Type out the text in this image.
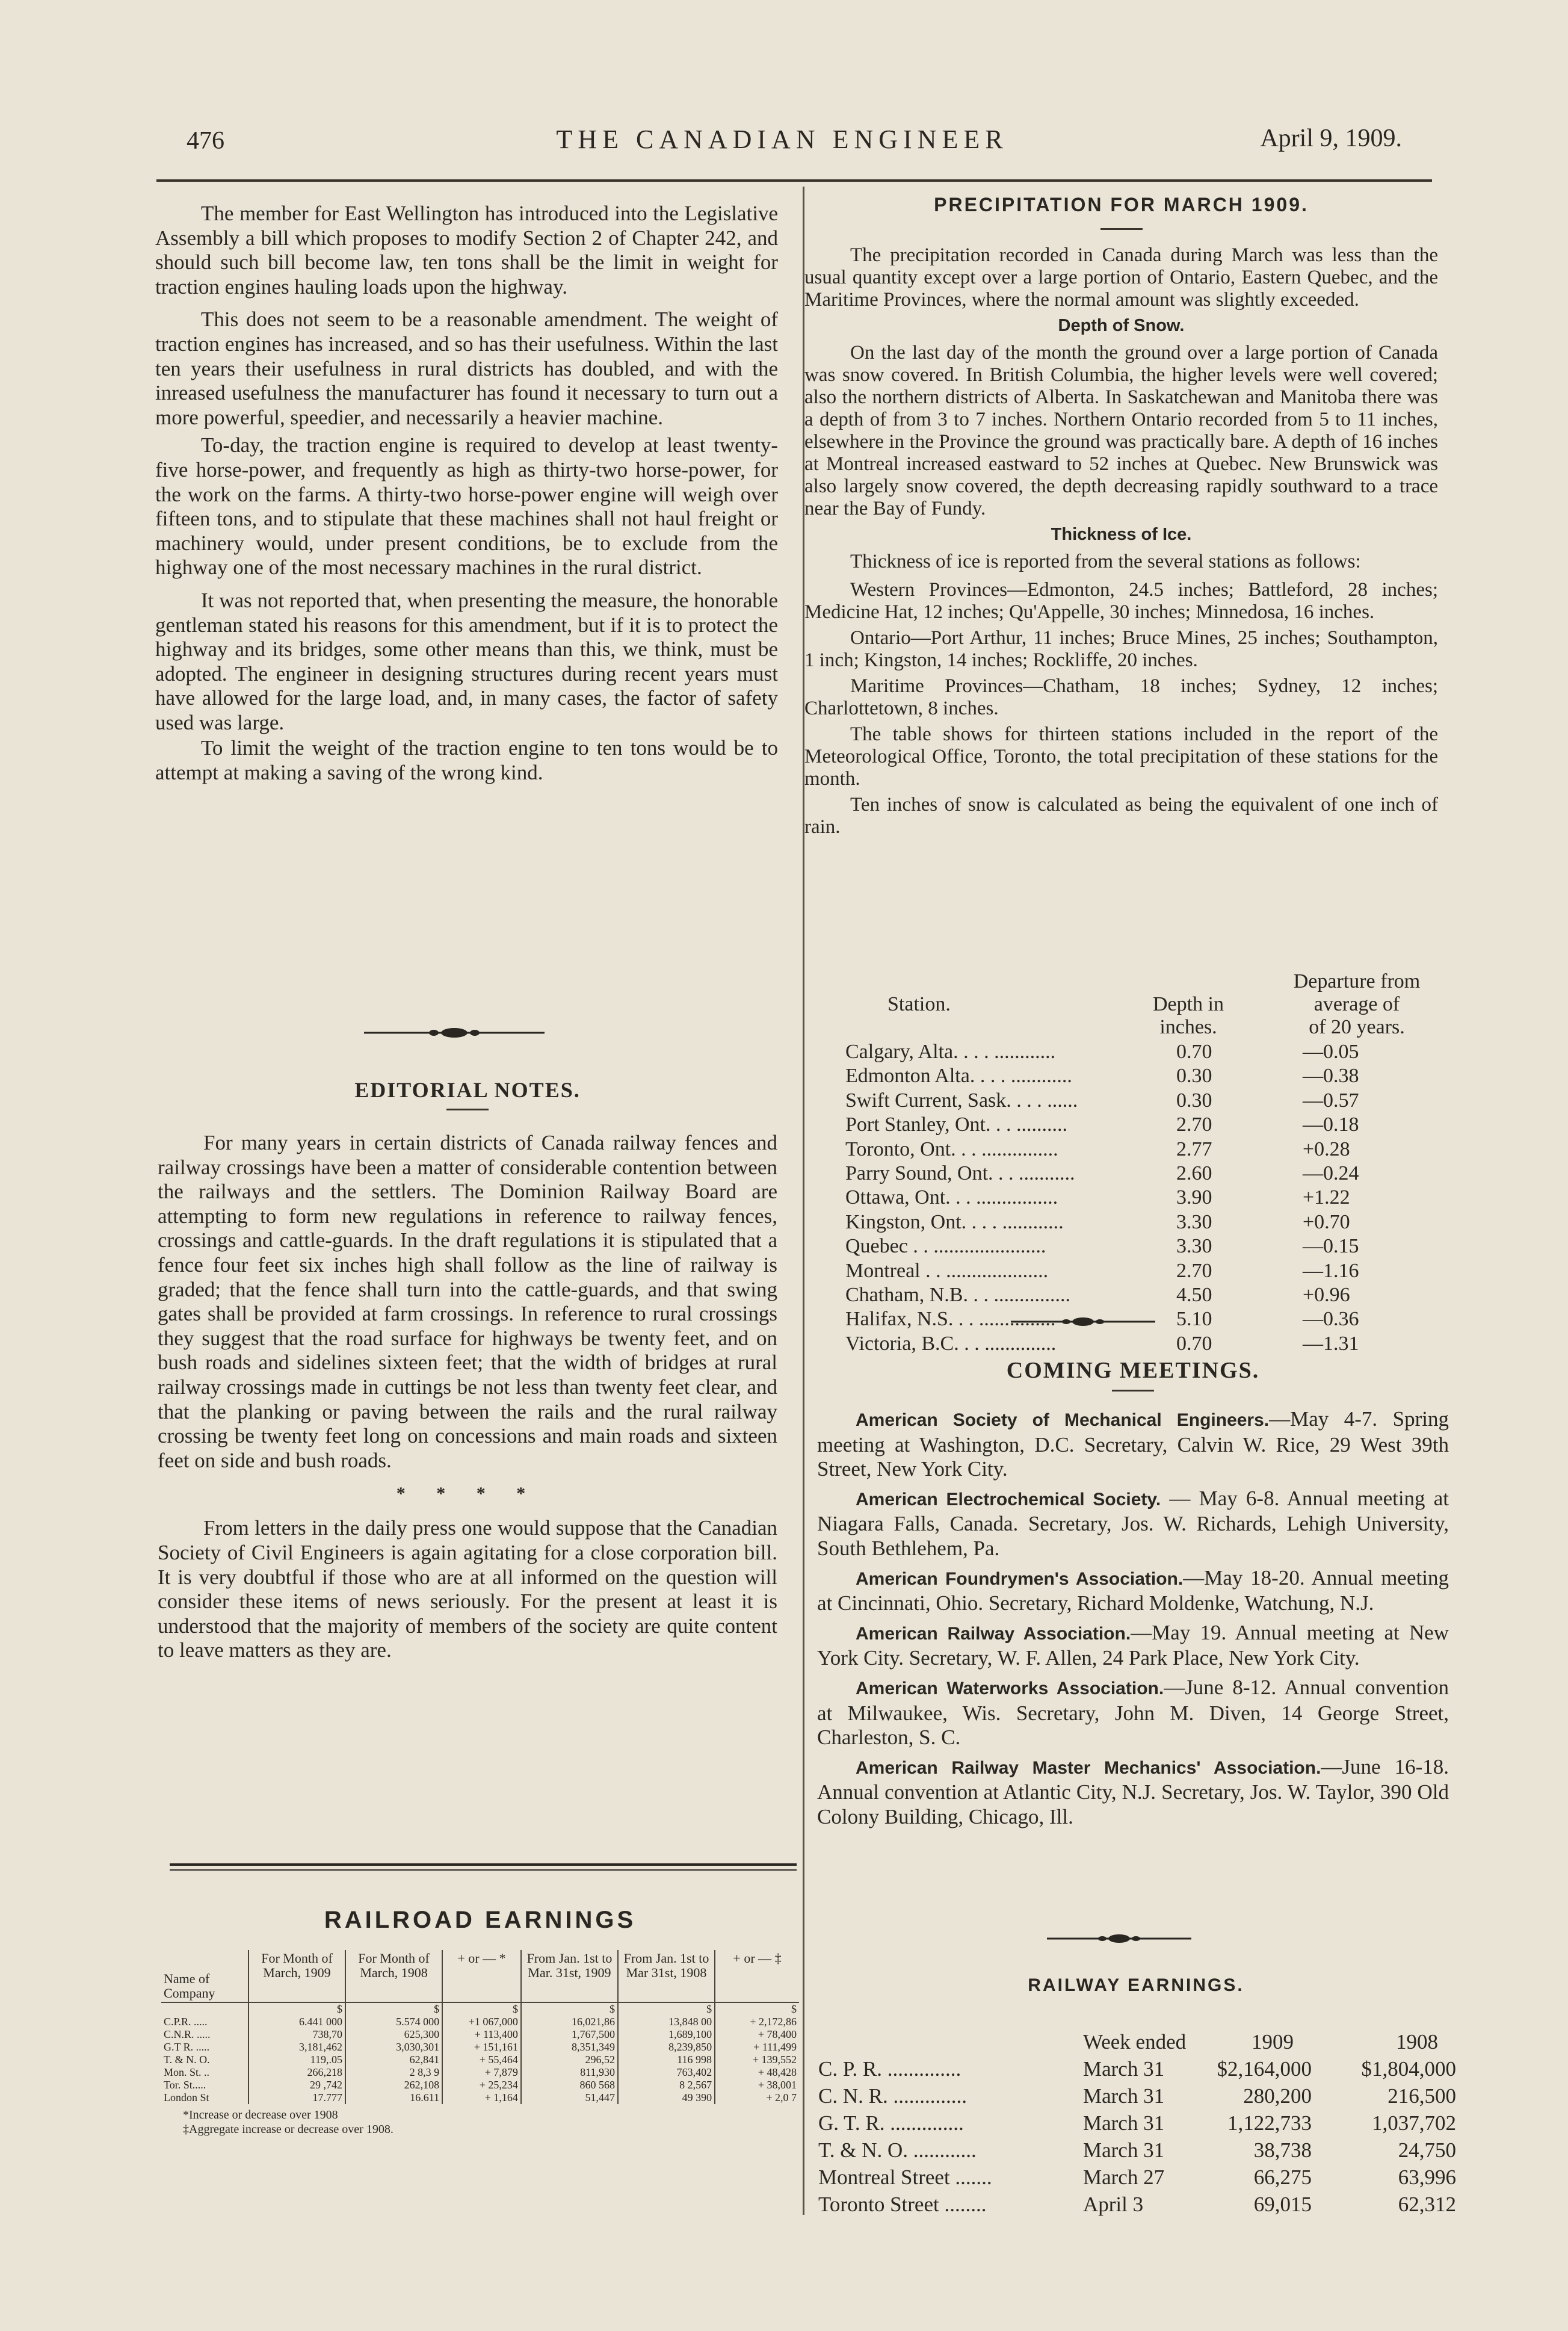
476	THE CANADIAN ENGINEER	April 9, 1909.

The member for East Wellington has introduced into the Legislative Assembly a bill which proposes to modify Section 2 of Chapter 242, and should such bill become law, ten tons shall be the limit in weight for traction engines hauling loads upon the highway.

This does not seem to be a reasonable amendment. The weight of traction engines has increased, and so has their usefulness. Within the last ten years their usefulness in rural districts has doubled, and with the inreased usefulness the manufacturer has found it necessary to turn out a more powerful, speedier, and necessarily a heavier machine.

To-day, the traction engine is required to develop at least twenty-five horse-power, and frequently as high as thirty-two horse-power, for the work on the farms. A thirty-two horse-power engine will weigh over fifteen tons, and to stipulate that these machines shall not haul freight or machinery would, under present conditions, be to exclude from the highway one of the most necessary machines in the rural district.

It was not reported that, when presenting the measure, the honorable gentleman stated his reasons for this amendment, but if it is to protect the highway and its bridges, some other means than this, we think, must be adopted. The engineer in designing structures during recent years must have allowed for the large load, and, in many cases, the factor of safety used was large.

To limit the weight of the traction engine to ten tons would be to attempt at making a saving of the wrong kind.

EDITORIAL NOTES.

For many years in certain districts of Canada railway fences and railway crossings have been a matter of considerable contention between the railways and the settlers. The Dominion Railway Board are attempting to form new regulations in reference to railway fences, crossings and cattle-guards. In the draft regulations it is stipulated that a fence four feet six inches high shall follow as the line of railway is graded; that the fence shall turn into the cattle-guards, and that swing gates shall be provided at farm crossings. In reference to rural crossings they suggest that the road surface for highways be twenty feet, and on bush roads and sidelines sixteen feet; that the width of bridges at rural railway crossings made in cuttings be not less than twenty feet clear, and that the planking or paving between the rails and the rural railway crossing be twenty feet long on concessions and main roads and sixteen feet on side and bush roads.

* * * *

From letters in the daily press one would suppose that the Canadian Society of Civil Engineers is again agitating for a close corporation bill. It is very doubtful if those who are at all informed on the question will consider these items of news seriously. For the present at least it is understood that the majority of members of the society are quite content to leave matters as they are.

RAILROAD EARNINGS
Name of Company	For Month of March, 1909	For Month of March, 1908	+ or — *	From Jan. 1st to Mar. 31st, 1909	From Jan. 1st to Mar 31st, 1908	+ or — ‡
	$	$	$	$	$	$
C.P.R. .....	6.441 000	5.574 000	+1 067,000	16,021,86	13,848 00	+ 2,172,86
C.N.R. .....	738,70	625,300	+ 113,400	1,767,500	1,689,100	+ 78,400
G.T R. .....	3,181,462	3,030,301	+ 151,161	8,351,349	8,239,850	+ 111,499
T. & N. O.	119,.05	62,841	+ 55,464	296,52	116 998	+ 139,552
Mon. St. ..	266,218	2 8,3 9	+ 7,879	811,930	763,402	+ 48,428
Tor. St.....	29 ,742	262,108	+ 25,234	860 568	8 2,567	+ 38,001
London St	17.777	16.611	+ 1,164	51,447	49 390	+ 2,0 7
*Increase or decrease over 1908
‡Aggregate increase or decrease over 1908.
PRECIPITATION FOR MARCH 1909.

The precipitation recorded in Canada during March was less than the usual quantity except over a large portion of Ontario, Eastern Quebec, and the Maritime Provinces, where the normal amount was slightly exceeded.

Depth of Snow.

On the last day of the month the ground over a large portion of Canada was snow covered. In British Columbia, the higher levels were well covered; also the northern districts of Alberta. In Saskatchewan and Manitoba there was a depth of from 3 to 7 inches. Northern Ontario recorded from 5 to 11 inches, elsewhere in the Province the ground was practically bare. A depth of 16 inches at Montreal increased eastward to 52 inches at Quebec. New Brunswick was also largely snow covered, the depth decreasing rapidly southward to a trace near the Bay of Fundy.

Thickness of Ice.

Thickness of ice is reported from the several stations as follows:

Western Provinces—Edmonton, 24.5 inches; Battleford, 28 inches; Medicine Hat, 12 inches; Qu'Appelle, 30 inches; Minnedosa, 16 inches.

Ontario—Port Arthur, 11 inches; Bruce Mines, 25 inches; Southampton, 1 inch; Kingston, 14 inches; Rockliffe, 20 inches.

Maritime Provinces—Chatham, 18 inches; Sydney, 12 inches; Charlottetown, 8 inches.

The table shows for thirteen stations included in the report of the Meteorological Office, Toronto, the total precipitation of these stations for the month.

Ten inches of snow is calculated as being the equivalent of one inch of rain.

Station.	Depth in inches.
Departure from
average of
of 20 years.
Calgary, Alta. . . . ............	0.70	—0.05
Edmonton Alta. . . . ............	0.30	—0.38
Swift Current, Sask. . . . ......	0.30	—0.57
Port Stanley, Ont. . . ..........	2.70	—0.18
Toronto, Ont. . . ...............	2.77	+0.28
Parry Sound, Ont. . . ...........	2.60	—0.24
Ottawa, Ont. . . ................	3.90	+1.22
Kingston, Ont. . . . ............	3.30	+0.70
Quebec . . ......................	3.30	—0.15
Montreal . . ....................	2.70	—1.16
Chatham, N.B. . . ...............	4.50	+0.96
Halifax, N.S. . . ...............	5.10	—0.36
Victoria, B.C. . . ..............	0.70	—1.31
COMING MEETINGS.

American Society of Mechanical Engineers.—May 4-7. Spring meeting at Washington, D.C. Secretary, Calvin W. Rice, 29 West 39th Street, New York City.

American Electrochemical Society. — May 6-8. Annual meeting at Niagara Falls, Canada. Secretary, Jos. W. Richards, Lehigh University, South Bethlehem, Pa.

American Foundrymen's Association.—May 18-20. Annual meeting at Cincinnati, Ohio. Secretary, Richard Moldenke, Watchung, N.J.

American Railway Association.—May 19. Annual meeting at New York City. Secretary, W. F. Allen, 24 Park Place, New York City.

American Waterworks Association.—June 8-12. Annual convention at Milwaukee, Wis. Secretary, John M. Diven, 14 George Street, Charleston, S. C.

American Railway Master Mechanics' Association.—June 16-18. Annual convention at Atlantic City, N.J. Secretary, Jos. W. Taylor, 390 Old Colony Building, Chicago, Ill.

RAILWAY EARNINGS.
Week ended	1909	1908
C. P. R. ..............	March 31 $2,164,000 $1,804,000
C. N. R. ..............	March 31	280,200	216,500
G. T. R. ..............	March 31	1,122,733	1,037,702
T. & N. O. ............	March 31	38,738	24,750
Montreal Street .......	March 27	66,275	63,996
Toronto Street ........	April 3	69,015	62,312
